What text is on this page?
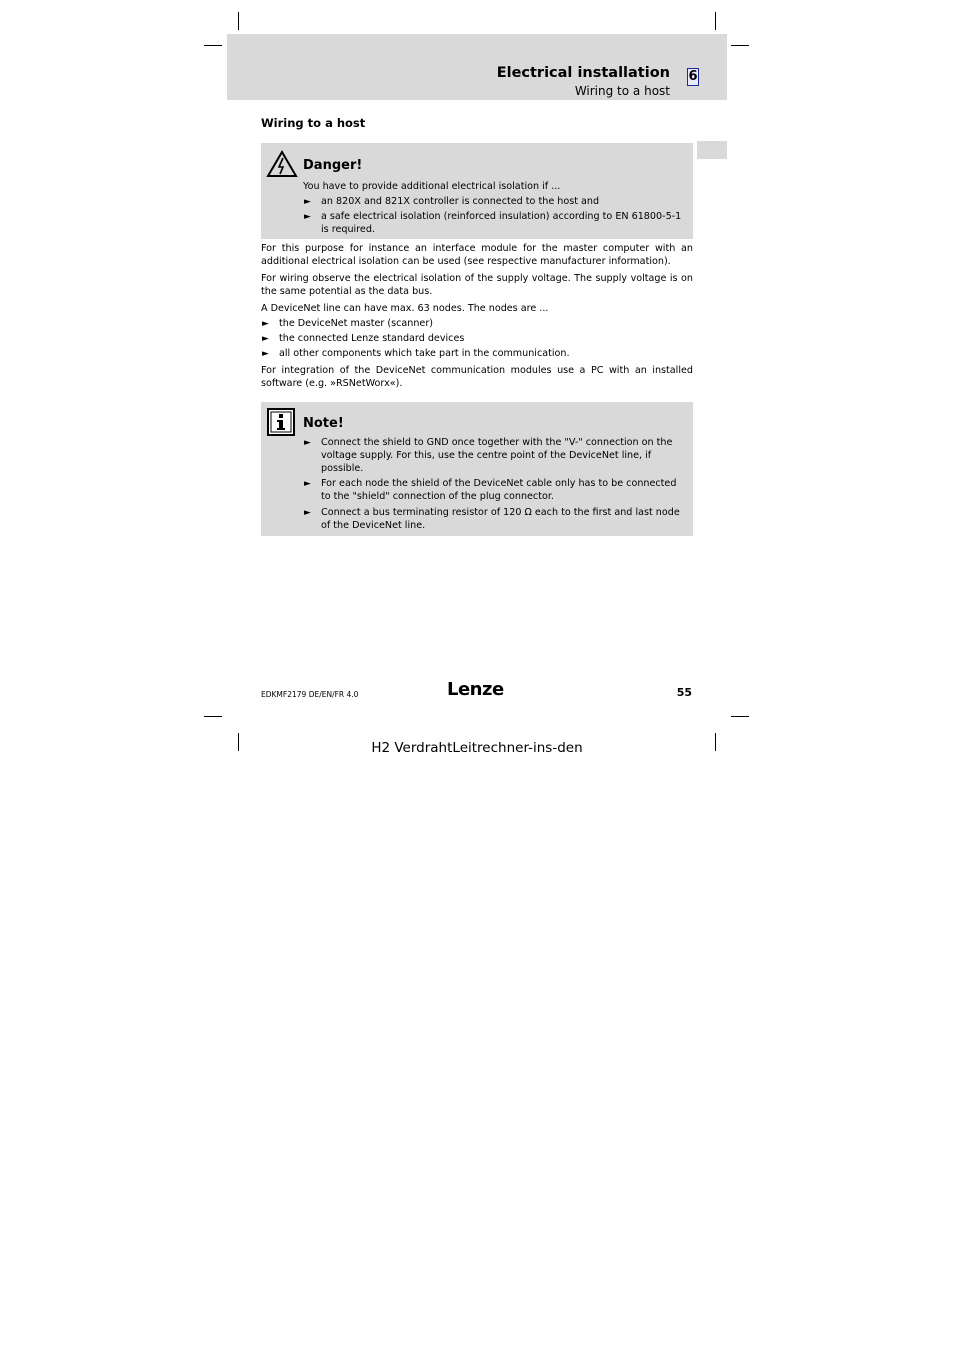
Electrical installation
Wiring to a host
6
Wiring to a host
Danger!
You have to provide additional electrical isolation if ...
► an 820X and 821X controller is connected to the host and
► a safe electrical isolation (reinforced insulation) according to EN 61800-5-1 is required.
For this purpose for instance an interface module for the master computer with an additional electrical isolation can be used (see respective manufacturer information).
For wiring observe the electrical isolation of the supply voltage. The supply voltage is on the same potential as the data bus.
A DeviceNet line can have max. 63 nodes. The nodes are ...
► the DeviceNet master (scanner)
► the connected Lenze standard devices
► all other components which take part in the communication.
For integration of the DeviceNet communication modules use a PC with an installed software (e.g. »RSNetWorx«).
Note!
► Connect the shield to GND once together with the "V-" connection on the voltage supply. For this, use the centre point of the DeviceNet line, if possible.
► For each node the shield of the DeviceNet cable only has to be connected to the "shield" connection of the plug connector.
► Connect a bus terminating resistor of 120 Ω each to the first and last node of the DeviceNet line.
EDKMF2179 DE/EN/FR 4.0	Lenze	55
H2 VerdrahtLeitrechner-ins-den
